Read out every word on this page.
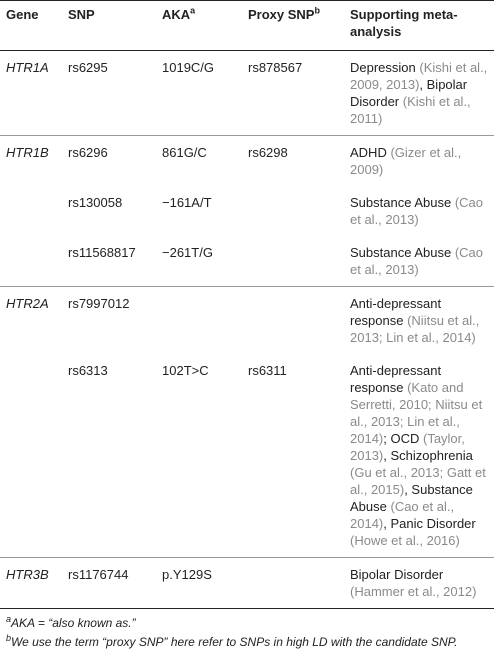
Gene	SNP	AKA$^a$	Proxy SNP$^b$	Supporting meta-analysis
HTR1A	rs6295	1019C/G	rs878567	Depression (Kishi et al., 2009, 2013), Bipolar Disorder (Kishi et al., 2011)
HTR1B	rs6296	861G/C	rs6298	ADHD (Gizer et al., 2009)
	rs130058	−161A/T		Substance Abuse (Cao et al., 2013)
	rs11568817	−261T/G		Substance Abuse (Cao et al., 2013)
HTR2A	rs7997012			Anti-depressant response (Niitsu et al., 2013; Lin et al., 2014)
	rs6313	102T>C	rs6311	Anti-depressant response (Kato and Serretti, 2010; Niitsu et al., 2013; Lin et al., 2014); OCD (Taylor, 2013), Schizophrenia (Gu et al., 2013; Gatt et al., 2015), Substance Abuse (Cao et al., 2014), Panic Disorder (Howe et al., 2016)
HTR3B	rs1176744	p.Y129S		Bipolar Disorder (Hammer et al., 2012)
$^a$AKA = “also known as.”
$^b$We use the term “proxy SNP” here refer to SNPs in high LD with the candidate SNP.
